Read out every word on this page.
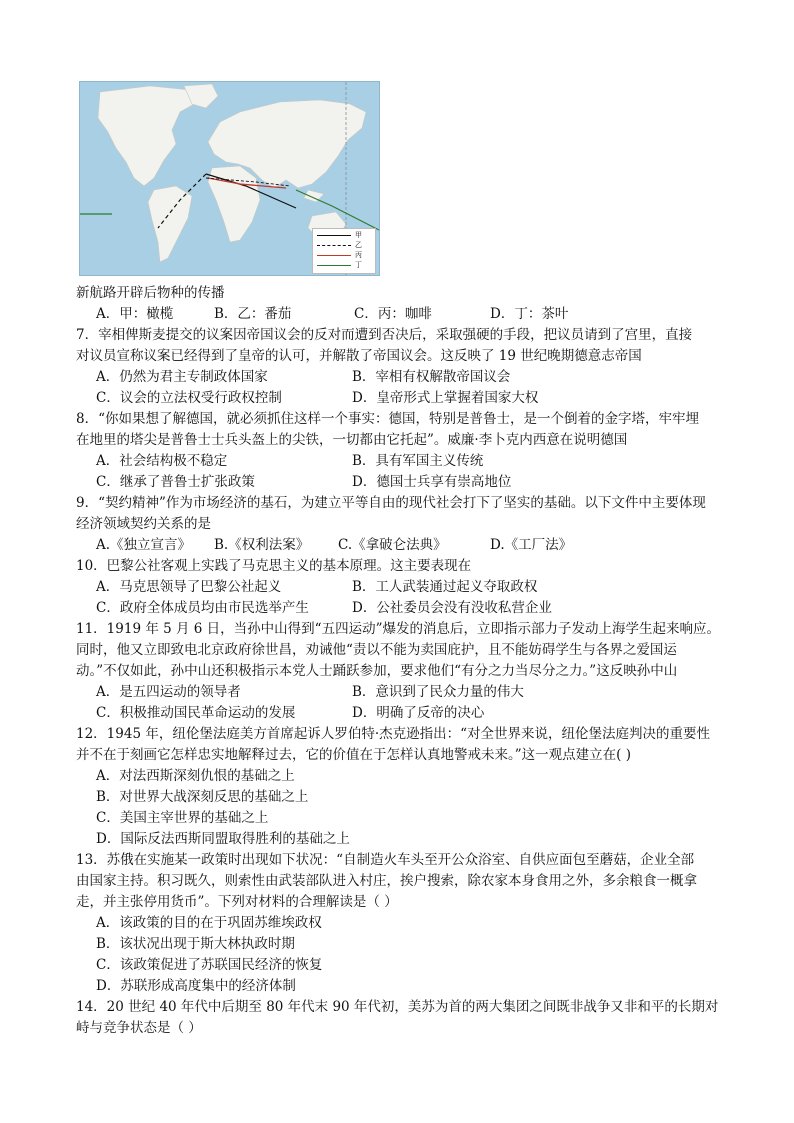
甲
乙
丙
丁
新航路开辟后物种的传播
A．甲：橄榄	B．乙：番茄	C．丙：咖啡	D．丁：茶叶
7．宰相俾斯麦提交的议案因帝国议会的反对而遭到否决后，采取强硬的手段，把议员请到了宫里，直接
对议员宣称议案已经得到了皇帝的认可，并解散了帝国议会。这反映了 19 世纪晚期德意志帝国
A．仍然为君主专制政体国家	B．宰相有权解散帝国议会
C．议会的立法权受行政权控制	D．皇帝形式上掌握着国家大权
8．“你如果想了解德国，就必须抓住这样一个事实：德国，特别是普鲁士，是一个倒着的金字塔，牢牢埋
在地里的塔尖是普鲁士士兵头盔上的尖铁，一切都由它托起”。威廉·李卜克内西意在说明德国
A．社会结构极不稳定	B．具有军国主义传统
C．继承了普鲁士扩张政策	D．德国士兵享有崇高地位
9．“契约精神”作为市场经济的基石，为建立平等自由的现代社会打下了坚实的基础。以下文件中主要体现
经济领域契约关系的是
A.《独立宣言》 B.《权利法案》 C.《拿破仑法典》	D.《工厂法》
10．巴黎公社客观上实践了马克思主义的基本原理。这主要表现在
A．马克思领导了巴黎公社起义	B．工人武装通过起义夺取政权
C．政府全体成员均由市民选举产生	D．公社委员会没有没收私营企业
11．1919 年 5 月 6 日，当孙中山得到“五四运动”爆发的消息后，立即指示部力子发动上海学生起来响应。
同时，他又立即致电北京政府徐世昌，劝诫他“责以不能为卖国庇护，且不能妨碍学生与各界之爱国运
动。”不仅如此，孙中山还积极指示本党人士踊跃参加，要求他们“有分之力当尽分之力。”这反映孙中山
A．是五四运动的领导者	B．意识到了民众力量的伟大
C．积极推动国民革命运动的发展	D．明确了反帝的决心
12．1945 年，纽伦堡法庭美方首席起诉人罗伯特·杰克逊指出：“对全世界来说，纽伦堡法庭判决的重要性
并不在于刻画它怎样忠实地解释过去，它的价值在于怎样认真地警戒未来。”这一观点建立在( )
A．对法西斯深刻仇恨的基础之上
B．对世界大战深刻反思的基础之上
C．美国主宰世界的基础之上
D．国际反法西斯同盟取得胜利的基础之上
13．苏俄在实施某一政策时出现如下状况：“自制造火车头至开公众浴室、自供应面包至蘑菇，企业全部
由国家主持。积习既久，则索性由武装部队进入村庄，挨户搜索，除农家本身食用之外，多余粮食一概拿
走，并主张停用货币”。下列对材料的合理解读是（ ）
A．该政策的目的在于巩固苏维埃政权
B．该状况出现于斯大林执政时期
C．该政策促进了苏联国民经济的恢复
D．苏联形成高度集中的经济体制
14．20 世纪 40 年代中后期至 80 年代末 90 年代初，美苏为首的两大集团之间既非战争又非和平的长期对
峙与竞争状态是（ ）
